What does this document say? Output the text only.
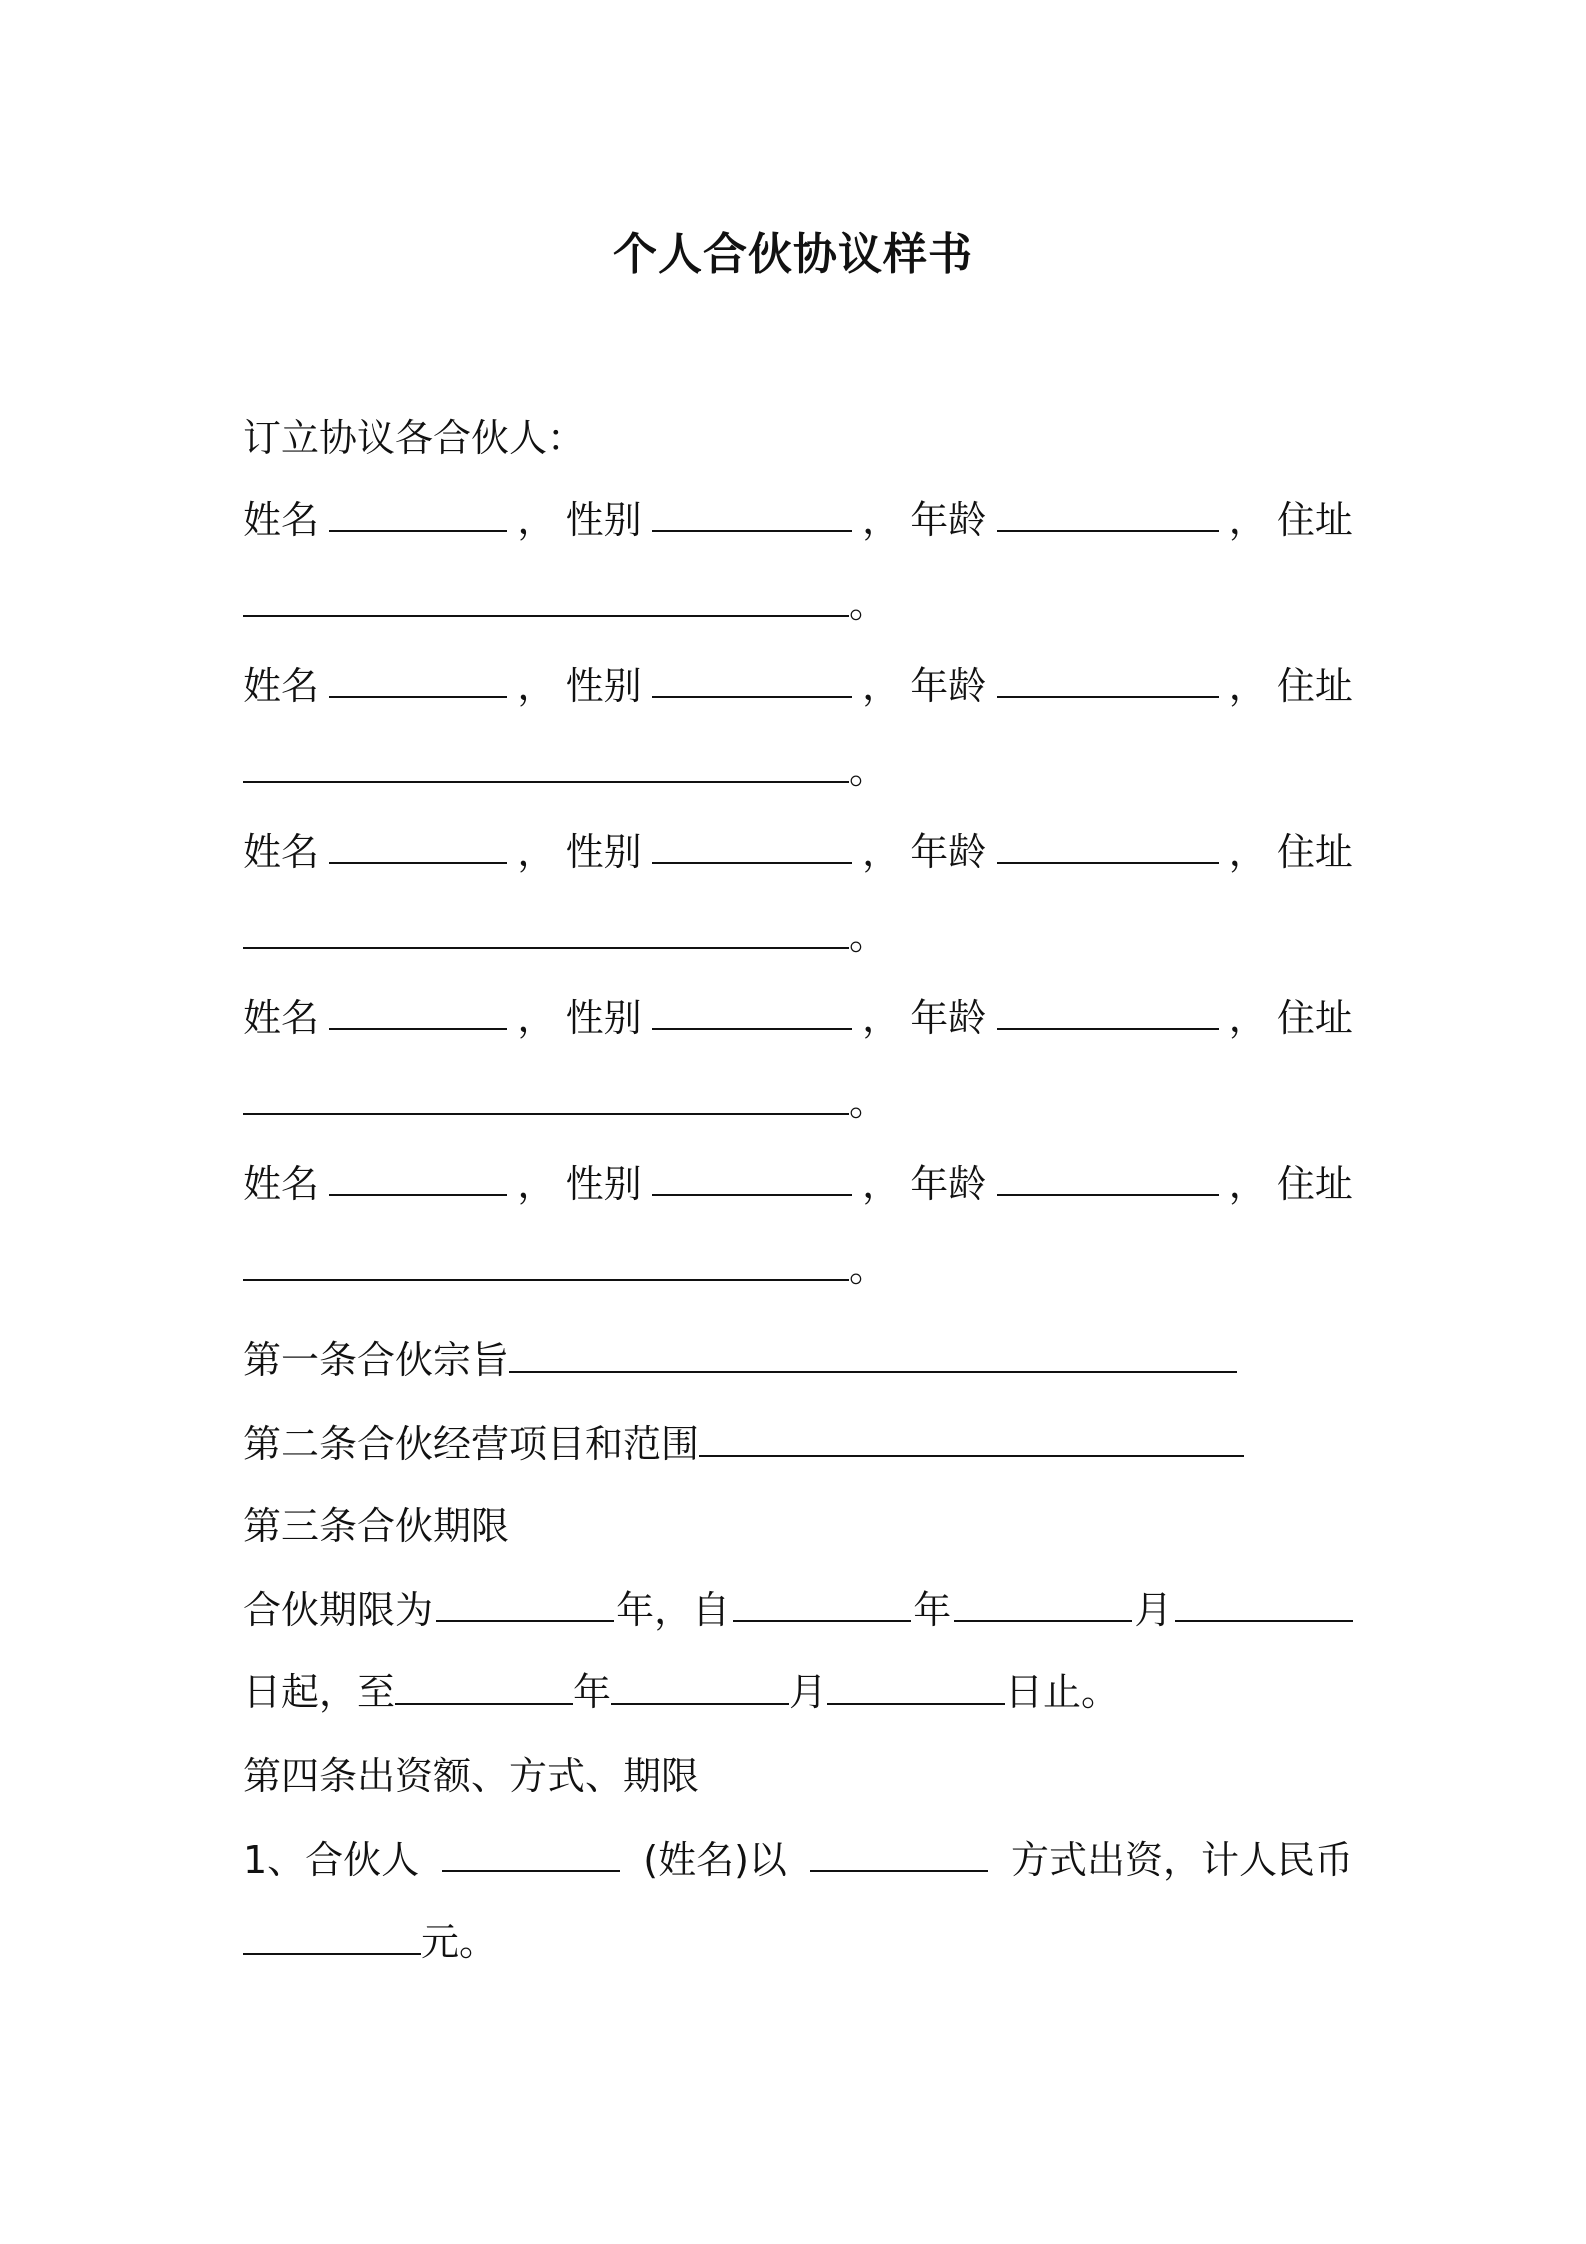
个人合伙协议样书
订立协议各合伙人：
姓名	， 性别	， 年龄	， 住址
。
姓名	， 性别	， 年龄	， 住址
。
姓名	， 性别	， 年龄	， 住址
。
姓名	， 性别	， 年龄	， 住址
。
姓名	， 性别	， 年龄	， 住址
。
第一条合伙宗旨
第二条合伙经营项目和范围
第三条合伙期限
合伙期限为	年，自	年	月
日起，至	年	月	日止。
第四条出资额、方式、期限
1、合伙人	(姓名)以	方式出资，计人民币
元。
